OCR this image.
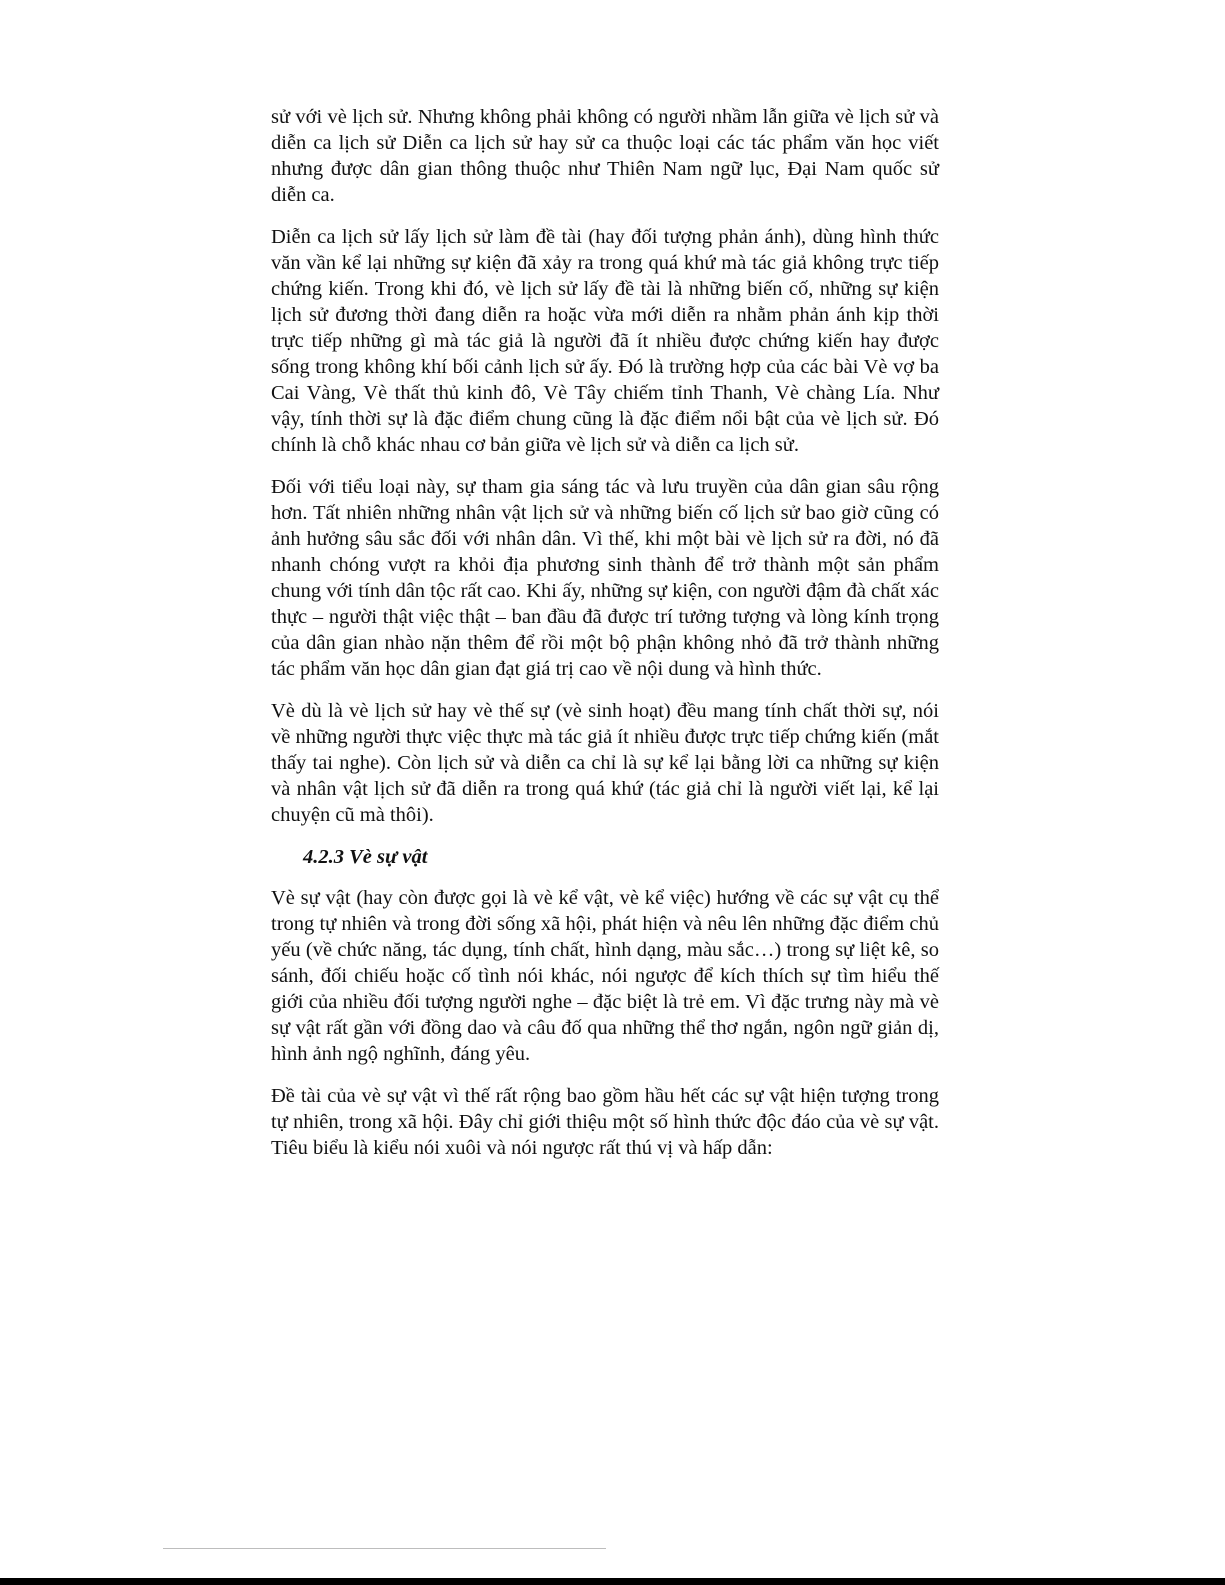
sử với vè lịch sử. Nhưng không phải không có người nhầm lẫn giữa vè lịch sử và diễn ca lịch sử Diễn ca lịch sử hay sử ca thuộc loại các tác phẩm văn học viết nhưng được dân gian thông thuộc như Thiên Nam ngữ lục, Đại Nam quốc sử diễn ca.

Diễn ca lịch sử lấy lịch sử làm đề tài (hay đối tượng phản ánh), dùng hình thức văn vần kể lại những sự kiện đã xảy ra trong quá khứ mà tác giả không trực tiếp chứng kiến. Trong khi đó, vè lịch sử lấy đề tài là những biến cố, những sự kiện lịch sử đương thời đang diễn ra hoặc vừa mới diễn ra nhằm phản ánh kịp thời trực tiếp những gì mà tác giả là người đã ít nhiều được chứng kiến hay được sống trong không khí bối cảnh lịch sử ấy. Đó là trường hợp của các bài Vè vợ ba Cai Vàng, Vè thất thủ kinh đô, Vè Tây chiếm tỉnh Thanh, Vè chàng Lía. Như vậy, tính thời sự là đặc điểm chung cũng là đặc điểm nổi bật của vè lịch sử. Đó chính là chỗ khác nhau cơ bản giữa vè lịch sử và diễn ca lịch sử.

Đối với tiểu loại này, sự tham gia sáng tác và lưu truyền của dân gian sâu rộng hơn. Tất nhiên những nhân vật lịch sử và những biến cố lịch sử bao giờ cũng có ảnh hưởng sâu sắc đối với nhân dân. Vì thế, khi một bài vè lịch sử ra đời, nó đã nhanh chóng vượt ra khỏi địa phương sinh thành để trở thành một sản phẩm chung với tính dân tộc rất cao. Khi ấy, những sự kiện, con người đậm đà chất xác thực – người thật việc thật – ban đầu đã được trí tưởng tượng và lòng kính trọng của dân gian nhào nặn thêm để rồi một bộ phận không nhỏ đã trở thành những tác phẩm văn học dân gian đạt giá trị cao về nội dung và hình thức.

Vè dù là vè lịch sử hay vè thế sự (vè sinh hoạt) đều mang tính chất thời sự, nói về những người thực việc thực mà tác giả ít nhiều được trực tiếp chứng kiến (mắt thấy tai nghe). Còn lịch sử và diễn ca chỉ là sự kể lại bằng lời ca những sự kiện và nhân vật lịch sử đã diễn ra trong quá khứ (tác giả chỉ là người viết lại, kể lại chuyện cũ mà thôi).

4.2.3 Vè sự vật

Vè sự vật (hay còn được gọi là vè kể vật, vè kể việc) hướng về các sự vật cụ thể trong tự nhiên và trong đời sống xã hội, phát hiện và nêu lên những đặc điểm chủ yếu (về chức năng, tác dụng, tính chất, hình dạng, màu sắc…) trong sự liệt kê, so sánh, đối chiếu hoặc cố tình nói khác, nói ngược để kích thích sự tìm hiểu thế giới của nhiều đối tượng người nghe – đặc biệt là trẻ em. Vì đặc trưng này mà vè sự vật rất gần với đồng dao và câu đố qua những thể thơ ngắn, ngôn ngữ giản dị, hình ảnh ngộ nghĩnh, đáng yêu.

Đề tài của vè sự vật vì thế rất rộng bao gồm hầu hết các sự vật hiện tượng trong tự nhiên, trong xã hội. Đây chỉ giới thiệu một số hình thức độc đáo của vè sự vật. Tiêu biểu là kiểu nói xuôi và nói ngược rất thú vị và hấp dẫn:
